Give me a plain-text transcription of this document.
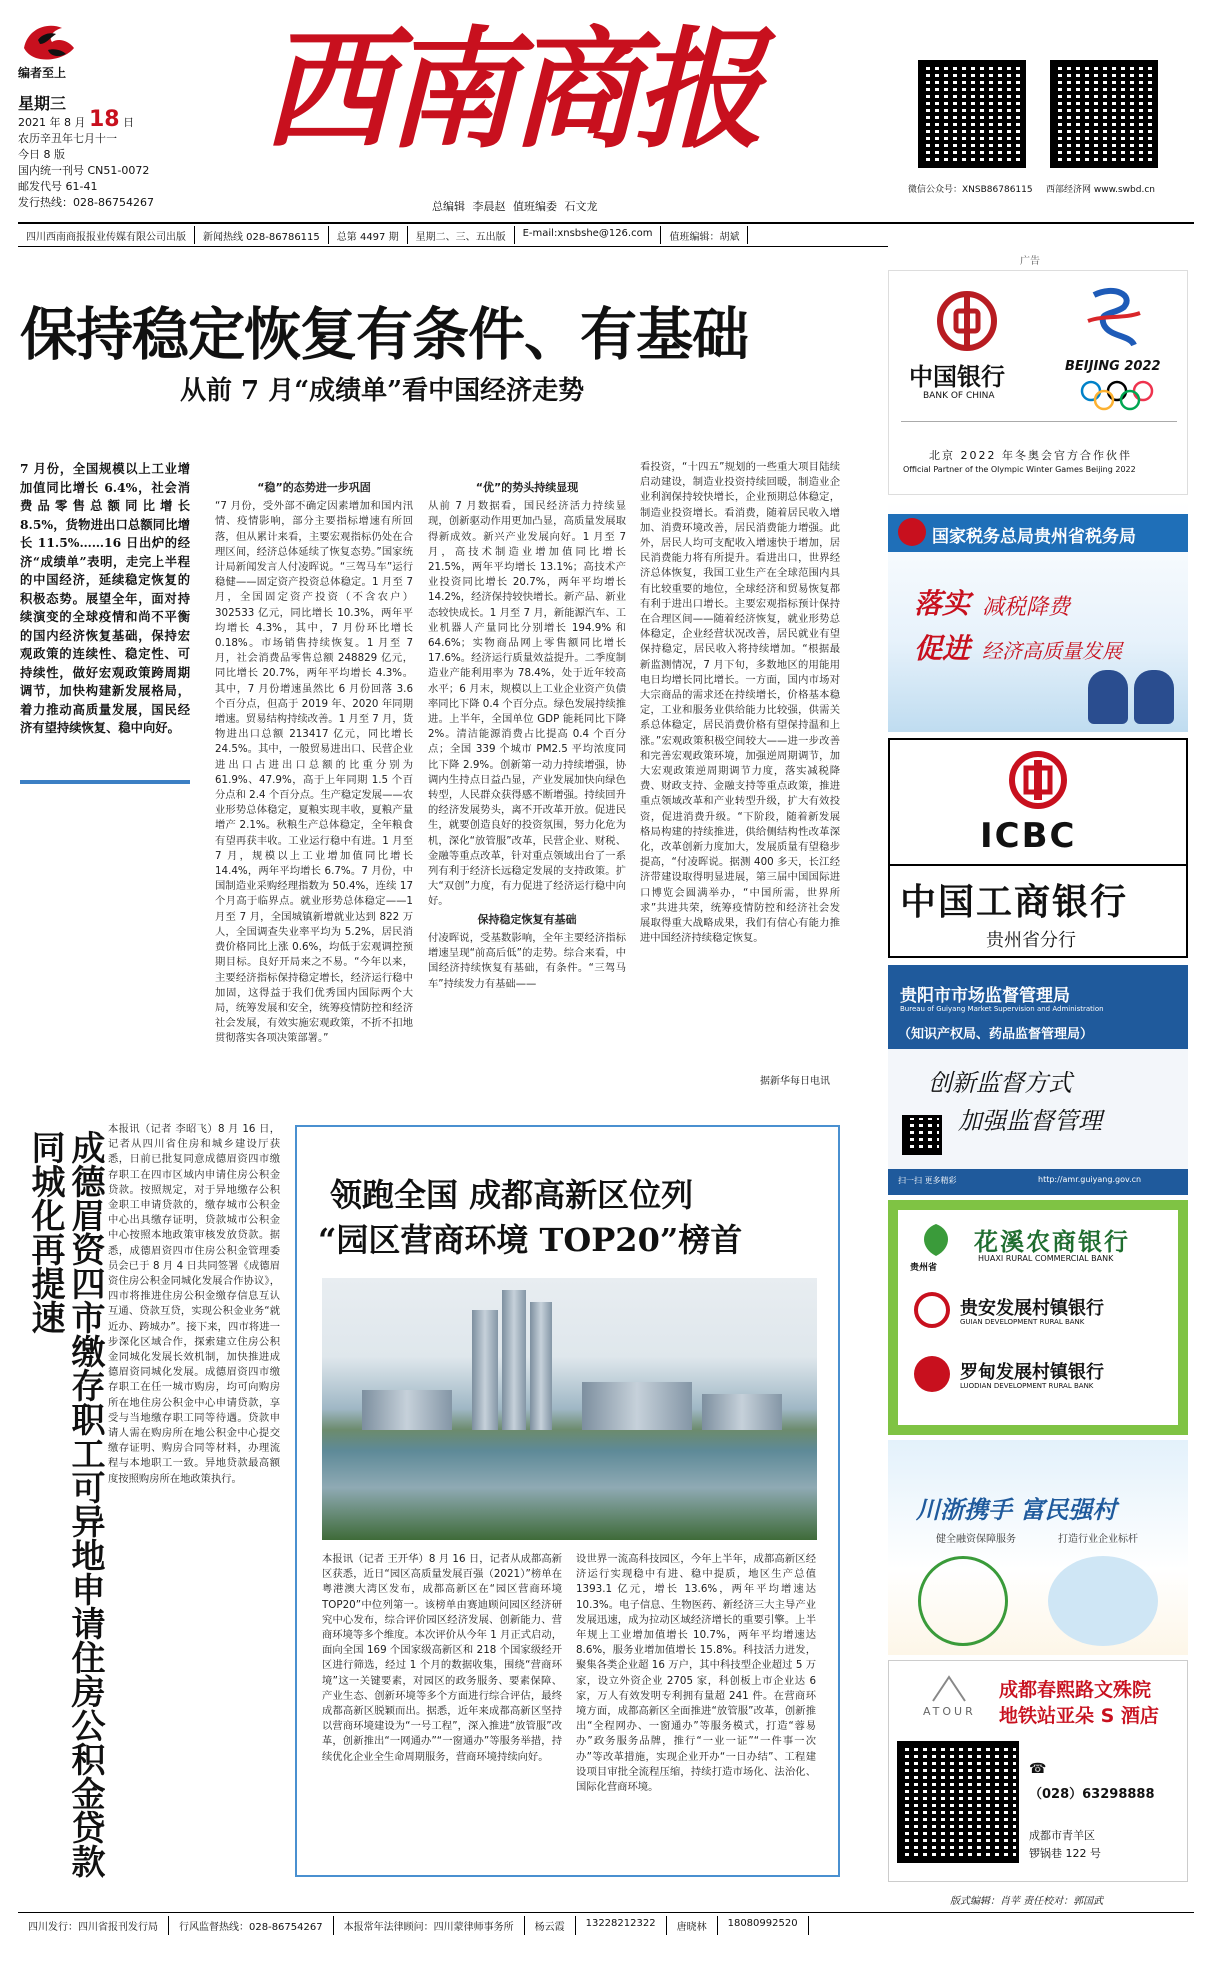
编者至上
星期三
2021 年 8 月 18 日
农历辛丑年七月十一
今日 8 版
国内统一刊号 CN51-0072
邮发代号 61-41
发行热线：028-86754267
西南商报
总编辑 李晨赵 值班编委 石文龙
微信公众号：XNSB86786115 西部经济网 www.swbd.cn
四川西南商报报业传媒有限公司出版	新闻热线 028-86786115	总第 4497 期	星期二、三、五出版	E-mail:xnsbshe@126.com	值班编辑：胡斌
保持稳定恢复有条件、有基础
从前 7 月“成绩单”看中国经济走势
7 月份，全国规模以上工业增加值同比增长 6.4%，社会消费品零售总额同比增长 8.5%，货物进出口总额同比增长 11.5%……16 日出炉的经济“成绩单”表明，走完上半程的中国经济，延续稳定恢复的积极态势。展望全年，面对持续演变的全球疫情和尚不平衡的国内经济恢复基础，保持宏观政策的连续性、稳定性、可持续性，做好宏观政策跨周期调节，加快构建新发展格局，着力推动高质量发展，国民经济有望持续恢复、稳中向好。
“稳”的态势进一步巩固

“7 月份，受外部不确定因素增加和国内汛情、疫情影响，部分主要指标增速有所回落，但从累计来看，主要宏观指标仍处在合理区间，经济总体延续了恢复态势。”国家统计局新闻发言人付凌晖说。“三驾马车”运行稳健——固定资产投资总体稳定。1 月至 7 月，全国固定资产投资（不含农户）302533 亿元，同比增长 10.3%，两年平均增长 4.3%，其中，7 月份环比增长 0.18%。市场销售持续恢复。1 月至 7 月，社会消费品零售总额 248829 亿元，同比增长 20.7%，两年平均增长 4.3%。其中，7 月份增速虽然比 6 月份回落 3.6 个百分点，但高于 2019 年、2020 年同期增速。贸易结构持续改善。1 月至 7 月，货物进出口总额 213417 亿元，同比增长 24.5%。其中，一般贸易进出口、民营企业进出口占进出口总额的比重分别为 61.9%、47.9%，高于上年同期 1.5 个百分点和 2.4 个百分点。生产稳定发展——农业形势总体稳定，夏粮实现丰收，夏粮产量增产 2.1%。秋粮生产总体稳定，全年粮食有望再获丰收。工业运行稳中有进。1 月至 7 月，规模以上工业增加值同比增长 14.4%，两年平均增长 6.7%。7 月份，中国制造业采购经理指数为 50.4%，连续 17 个月高于临界点。就业形势总体稳定——1 月至 7 月，全国城镇新增就业达到 822 万人，全国调查失业率平均为 5.2%，居民消费价格同比上涨 0.6%，均低于宏观调控预期目标。良好开局来之不易。“今年以来，主要经济指标保持稳定增长，经济运行稳中加固，这得益于我们优秀国内国际两个大局，统筹发展和安全，统筹疫情防控和经济社会发展，有效实施宏观政策，不折不扣地贯彻落实各项决策部署。”

“优”的势头持续显现

从前 7 月数据看，国民经济活力持续显现，创新驱动作用更加凸显，高质量发展取得新成效。新兴产业发展向好。1 月至 7 月，高技术制造业增加值同比增长 21.5%，两年平均增长 13.1%；高技术产业投资同比增长 20.7%，两年平均增长 14.2%，经济保持较快增长。新产品、新业态较快成长。1 月至 7 月，新能源汽车、工业机器人产量同比分别增长 194.9% 和 64.6%；实物商品网上零售额同比增长 17.6%。经济运行质量效益提升。二季度制造业产能利用率为 78.4%，处于近年较高水平；6 月末，规模以上工业企业资产负债率同比下降 0.4 个百分点。绿色发展持续推进。上半年，全国单位 GDP 能耗同比下降 2%。清洁能源消费占比提高 0.4 个百分点；全国 339 个城市 PM2.5 平均浓度同比下降 2.9%。创新第一动力持续增强，协调内生持点日益凸显，产业发展加快向绿色转型，人民群众获得感不断增强。持续回升的经济发展势头，离不开改革开放。促进民生，就要创造良好的投资氛围，努力化危为机，深化“放管服”改革，民营企业、财税、金融等重点改革，针对重点领域出台了一系列有利于经济长远稳定发展的支持政策。扩大“双创”力度，有力促进了经济运行稳中向好。

保持稳定恢复有基础

付凌晖说，受基数影响，全年主要经济指标增速呈现“前高后低”的走势。综合来看，中国经济持续恢复有基础，有条件。“三驾马车”持续发力有基础——

看投资，“十四五”规划的一些重大项目陆续启动建设，制造业投资持续回暖，制造业企业利润保持较快增长，企业预期总体稳定，制造业投资增长。看消费，随着居民收入增加、消费环境改善，居民消费能力增强。此外，居民人均可支配收入增速快于增加，居民消费能力将有所提升。看进出口，世界经济总体恢复，我国工业生产在全球范围内具有比较重要的地位，全球经济和贸易恢复都有利于进出口增长。主要宏观指标预计保持在合理区间——随着经济恢复，就业形势总体稳定，企业经营状况改善，居民就业有望保持稳定，居民收入将持续增加。“根据最新监测情况，7 月下旬，多数地区的用能用电日均增长同比增长。一方面，国内市场对大宗商品的需求还在持续增长，价格基本稳定，工业和服务业供给能力比较强，供需关系总体稳定，居民消费价格有望保持温和上涨。”宏观政策积极空间较大——进一步改善和完善宏观政策环境，加强逆周期调节，加大宏观政策逆周期调节力度，落实减税降费、财政支持、金融支持等重点政策，推进重点领域改革和产业转型升级，扩大有效投资，促进消费升级。“下阶段，随着新发展格局构建的持续推进，供给侧结构性改革深化，改革创新力度加大，发展质量有望稳步提高，“付凌晖说。据测 400 多天，长江经济带建设取得明显进展，第三届中国国际进口博览会圆满举办，“中国所需，世界所求”共进共荣，统筹疫情防控和经济社会发展取得重大战略成果，我们有信心有能力推进中国经济持续稳定恢复。

据新华每日电讯
成德眉资四市缴存职工可异地申请住房公积金贷款
同城化再提速
本报讯（记者 李昭飞）8 月 16 日，记者从四川省住房和城乡建设厅获悉，日前已批复同意成德眉资四市缴存职工在四市区域内申请住房公积金贷款。按照规定，对于异地缴存公积金职工申请贷款的，缴存城市公积金中心出具缴存证明，贷款城市公积金中心按照本地政策审核发放贷款。据悉，成德眉资四市住房公积金管理委员会已于 8 月 4 日共同签署《成德眉资住房公积金同城化发展合作协议》，四市将推进住房公积金缴存信息互认互通、贷款互贷，实现公积金业务“就近办、跨城办”。接下来，四市将进一步深化区域合作，探索建立住房公积金同城化发展长效机制，加快推进成德眉资同城化发展。成德眉资四市缴存职工在任一城市购房，均可向购房所在地住房公积金中心申请贷款，享受与当地缴存职工同等待遇。贷款申请人需在购房所在地公积金中心提交缴存证明、购房合同等材料，办理流程与本地职工一致。异地贷款最高额度按照购房所在地政策执行。
领跑全国 成都高新区位列
“园区营商环境 TOP20”榜首
本报讯（记者 王开华）8 月 16 日，记者从成都高新区获悉，近日“园区高质量发展百强（2021）”榜单在粤港澳大湾区发布，成都高新区在“园区营商环境 TOP20”中位列第一。该榜单由赛迪顾问园区经济研究中心发布，综合评价园区经济发展、创新能力、营商环境等多个维度。本次评价从今年 1 月正式启动，面向全国 169 个国家级高新区和 218 个国家级经开区进行筛选，经过 1 个月的数据收集，围绕“营商环境”这一关键要素，对园区的政务服务、要素保障、产业生态、创新环境等多个方面进行综合评估，最终成都高新区脱颖而出。据悉，近年来成都高新区坚持以营商环境建设为“一号工程”，深入推进“放管服”改革，创新推出“一网通办”“一窗通办”等服务举措，持续优化企业全生命周期服务，营商环境持续向好。
设世界一流高科技园区，今年上半年，成都高新区经济运行实现稳中有进、稳中提质，地区生产总值 1393.1 亿元，增长 13.6%，两年平均增速达 10.3%。电子信息、生物医药、新经济三大主导产业发展迅速，成为拉动区域经济增长的重要引擎。上半年规上工业增加值增长 10.7%，两年平均增速达 8.6%，服务业增加值增长 15.8%。科技活力迸发，聚集各类企业超 16 万户，其中科技型企业超过 5 万家，设立外资企业 2705 家，科创板上市企业达 6 家，万人有效发明专利拥有量超 241 件。在营商环境方面，成都高新区全面推进“放管服”改革，创新推出“全程网办、一窗通办”等服务模式，打造“蓉易办”政务服务品牌，推行“一业一证”“一件事一次办”等改革措施，实现企业开办“一日办结”、工程建设项目审批全流程压缩，持续打造市场化、法治化、国际化营商环境。
版式编辑：肖苹 责任校对：郭国武
四川发行：四川省报刊发行局	行风监督热线：028-86754267	本报常年法律顾问：四川蒙律师事务所	杨云霞	13228212322	唐晓林	18080992520
广告
中国银行
BANK OF CHINA
BEIJING 2022
北京 2022 年冬奥会官方合作伙伴
Official Partner of the Olympic Winter Games Beijing 2022
国家税务总局贵州省税务局
落实 减税降费
促进 经济高质量发展
ICBC
中国工商银行
贵州省分行
贵阳市市场监督管理局
Bureau of Guiyang Market Supervision and Administration
（知识产权局、药品监督管理局）
创新监督方式
加强监督管理
扫一扫 更多精彩	http://amr.guiyang.gov.cn
贵州省
花溪农商银行
HUAXI RURAL COMMERCIAL BANK
贵安发展村镇银行
GUIAN DEVELOPMENT RURAL BANK
罗甸发展村镇银行
LUODIAN DEVELOPMENT RURAL BANK
川浙携手 富民强村
健全融资保障服务	打造行业企业标杆
ATOUR
成都春熙路文殊院
地铁站亚朵 S 酒店
☎
（028）63298888
成都市青羊区
锣锅巷 122 号
